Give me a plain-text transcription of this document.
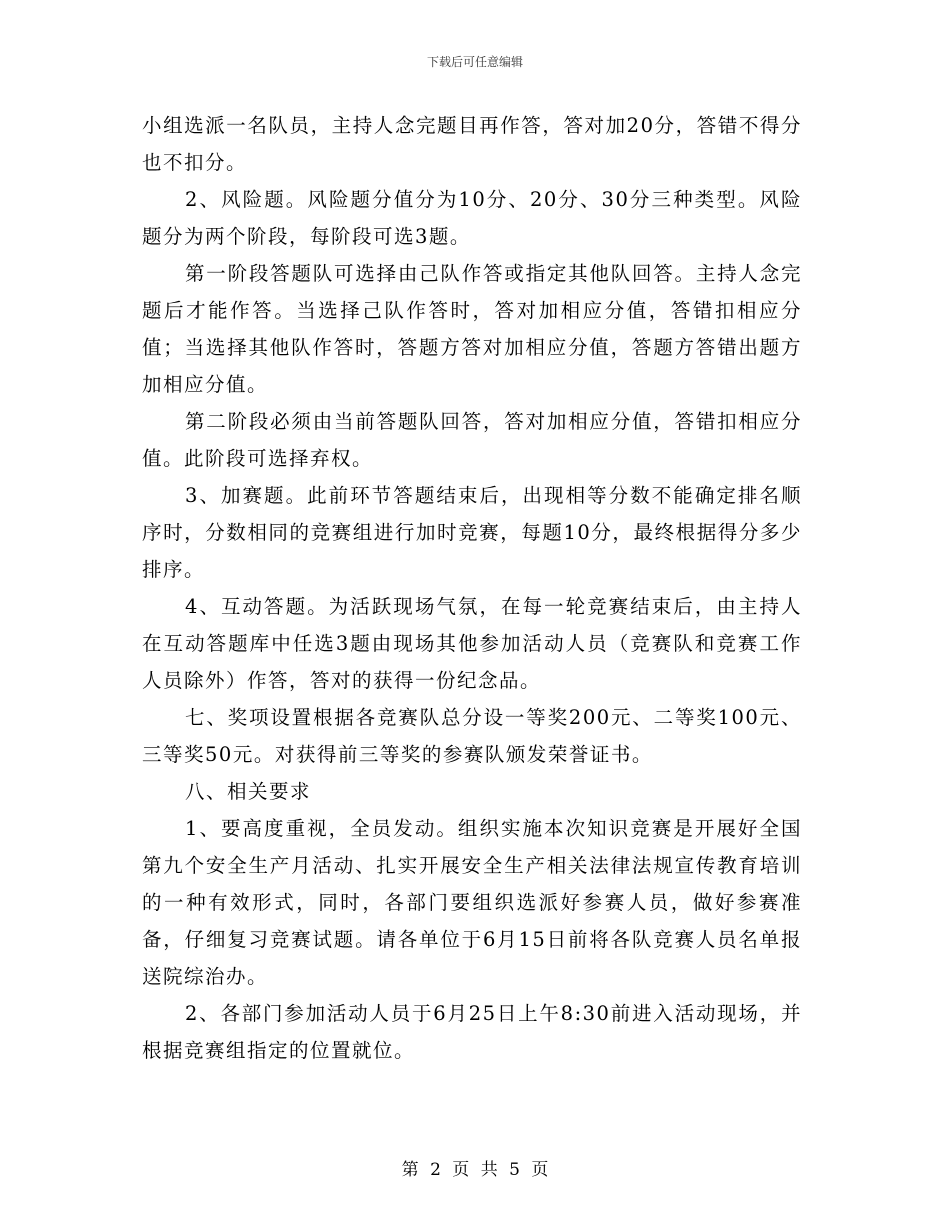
下载后可任意编辑

小组选派一名队员，主持人念完题目再作答，答对加20分，答错不得分也不扣分。

2、风险题。风险题分值分为10分、20分、30分三种类型。风险题分为两个阶段，每阶段可选3题。

第一阶段答题队可选择由己队作答或指定其他队回答。主持人念完题后才能作答。当选择己队作答时，答对加相应分值，答错扣相应分值；当选择其他队作答时，答题方答对加相应分值，答题方答错出题方加相应分值。

第二阶段必须由当前答题队回答，答对加相应分值，答错扣相应分值。此阶段可选择弃权。

3、加赛题。此前环节答题结束后，出现相等分数不能确定排名顺序时，分数相同的竞赛组进行加时竞赛，每题10分，最终根据得分多少排序。

4、互动答题。为活跃现场气氛，在每一轮竞赛结束后，由主持人在互动答题库中任选3题由现场其他参加活动人员（竞赛队和竞赛工作人员除外）作答，答对的获得一份纪念品。

七、奖项设置根据各竞赛队总分设一等奖200元、二等奖100元、三等奖50元。对获得前三等奖的参赛队颁发荣誉证书。

八、相关要求

1、要高度重视，全员发动。组织实施本次知识竞赛是开展好全国第九个安全生产月活动、扎实开展安全生产相关法律法规宣传教育培训的一种有效形式，同时，各部门要组织选派好参赛人员，做好参赛准备，仔细复习竞赛试题。请各单位于6月15日前将各队竞赛人员名单报送院综治办。

2、各部门参加活动人员于6月25日上午8:30前进入活动现场，并根据竞赛组指定的位置就位。

第 2 页 共 5 页
